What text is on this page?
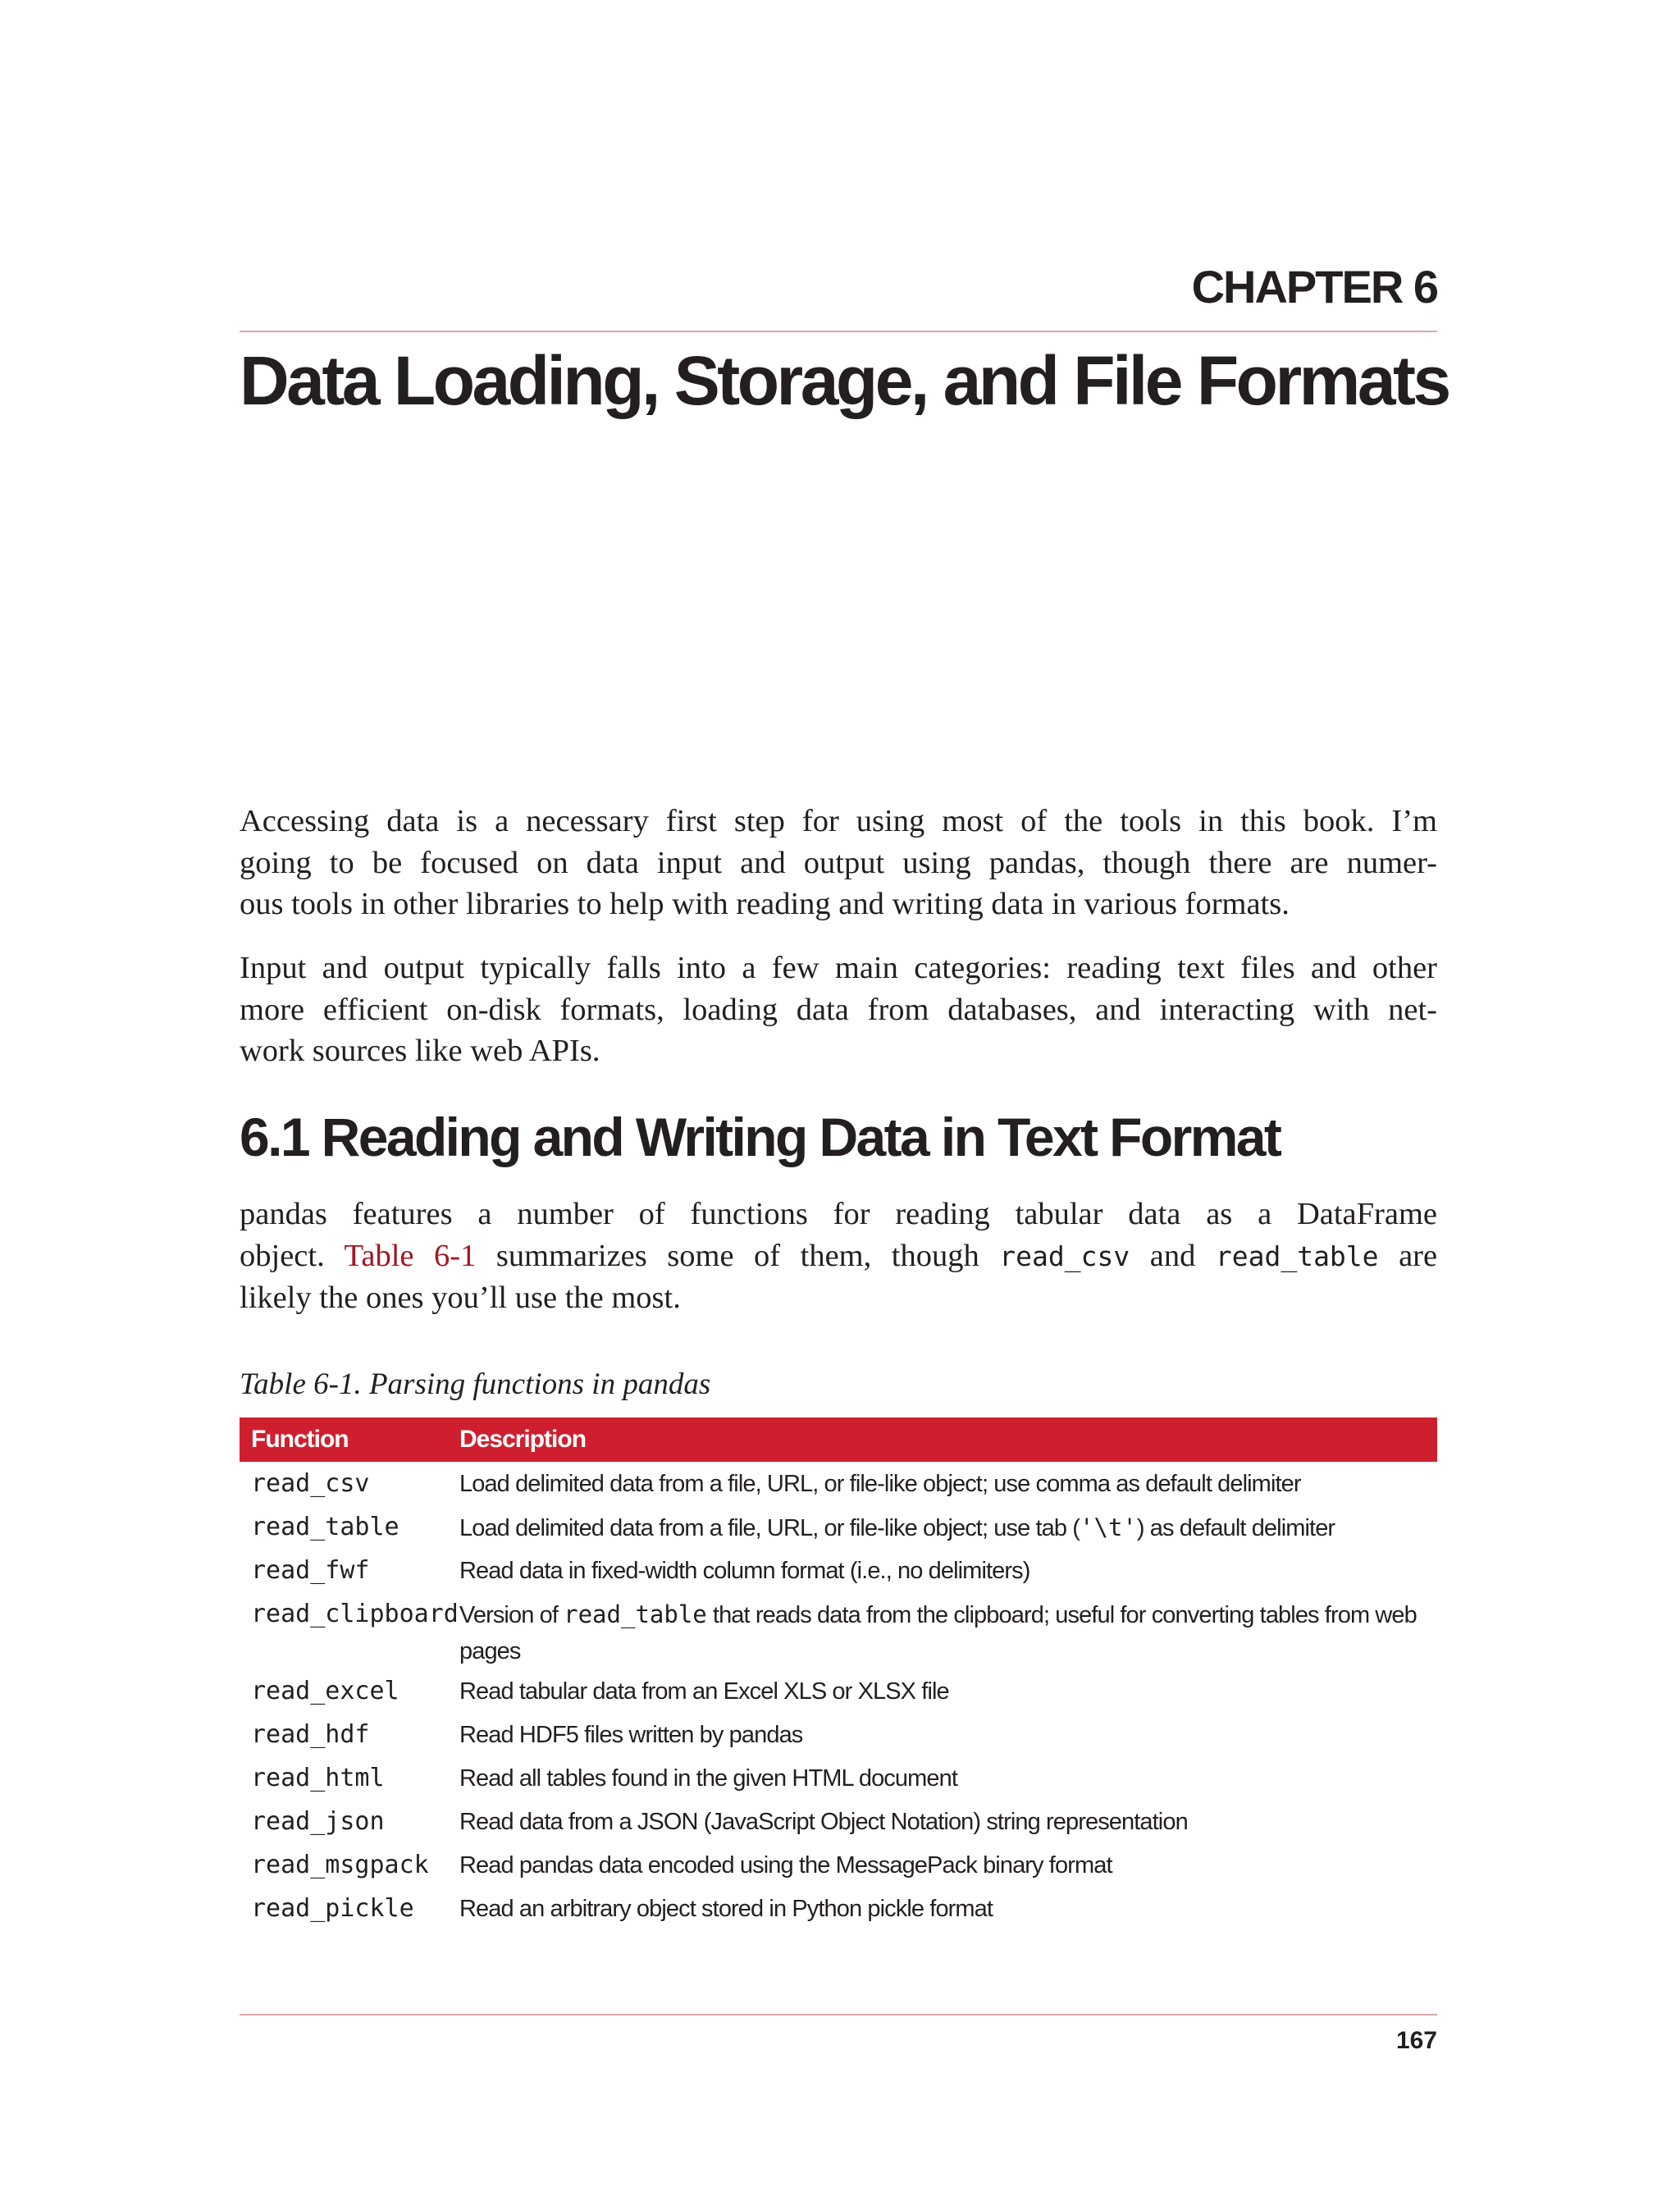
CHAPTER 6
Data Loading, Storage, and File Formats
Accessing data is a necessary first step for using most of the tools in this book. I’m
going to be focused on data input and output using pandas, though there are numer-
ous tools in other libraries to help with reading and writing data in various formats.
Input and output typically falls into a few main categories: reading text files and other
more efficient on-disk formats, loading data from databases, and interacting with net-
work sources like web APIs.
6.1 Reading and Writing Data in Text Format
pandas features a number of functions for reading tabular data as a DataFrame
object. Table 6-1 summarizes some of them, though read_csv and read_table are
likely the ones you’ll use the most.
Table 6-1. Parsing functions in pandas
Function	Description
read_csv	Load delimited data from a file, URL, or file-like object; use comma as default delimiter
read_table	Load delimited data from a file, URL, or file-like object; use tab ('\t') as default delimiter
read_fwf	Read data in fixed-width column format (i.e., no delimiters)
read_clipboard Version of read_table that reads data from the clipboard; useful for converting tables from web pages
read_excel	Read tabular data from an Excel XLS or XLSX file
read_hdf	Read HDF5 files written by pandas
read_html	Read all tables found in the given HTML document
read_json	Read data from a JSON (JavaScript Object Notation) string representation
read_msgpack	Read pandas data encoded using the MessagePack binary format
read_pickle	Read an arbitrary object stored in Python pickle format
167
